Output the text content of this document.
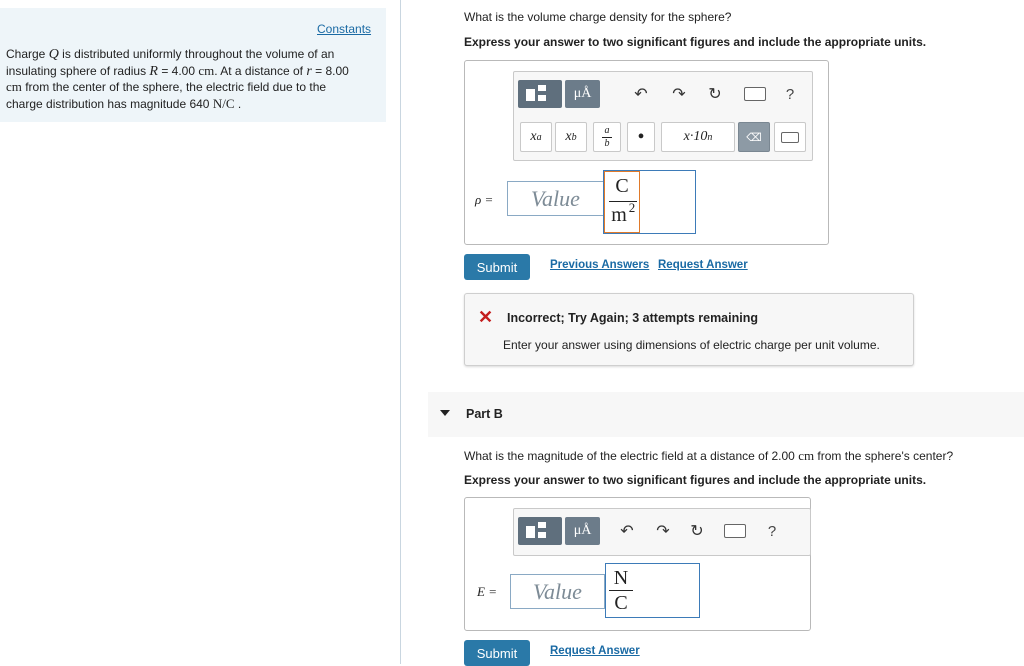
Constants
Charge Q is distributed uniformly throughout the volume of an
insulating sphere of radius R = 4.00 cm. At a distance of r = 8.00
cm from the center of the sphere, the electric field due to the
charge distribution has magnitude 640 N/C .
What is the volume charge density for the sphere?
Express your answer to two significant figures and include the appropriate units.
μÅ	↶ ↷ ↻	?
x a x b
a
b	•	x·10 n	⌫
ρ =	Value	C
m 2
Submit	Previous Answers Request Answer
✕ Incorrect; Try Again; 3 attempts remaining
Enter your answer using dimensions of electric charge per unit volume.
Part B
What is the magnitude of the electric field at a distance of 2.00 cm from the sphere's center?
Express your answer to two significant figures and include the appropriate units.
μÅ	↶ ↷ ↻	?
E =	Value
N
C
Submit	Request Answer
